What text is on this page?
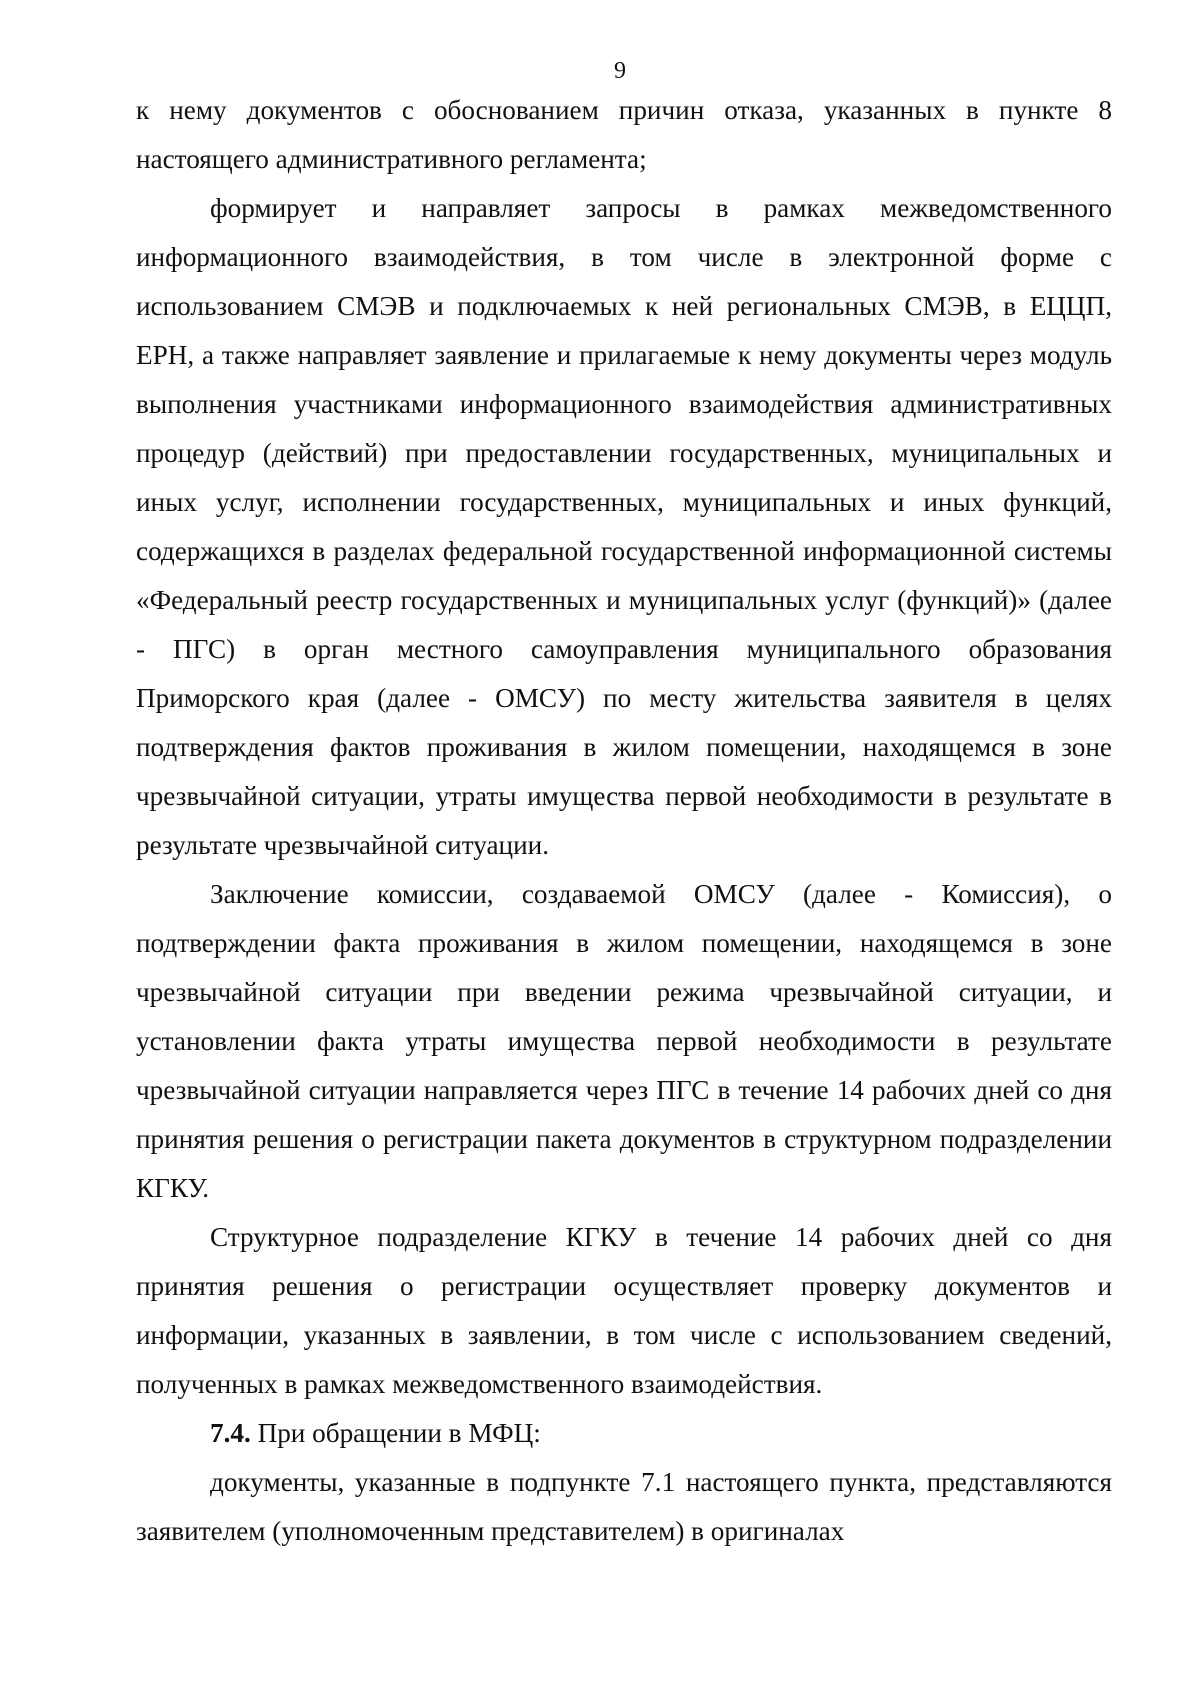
9

к нему документов с обоснованием причин отказа, указанных в пункте 8 настоящего административного регламента;

формирует и направляет запросы в рамках межведомственного информационного взаимодействия, в том числе в электронной форме с использованием СМЭВ и подключаемых к ней региональных СМЭВ, в ЕЦЦП, ЕРН, а также направляет заявление и прилагаемые к нему документы через модуль выполнения участниками информационного взаимодействия административных процедур (действий) при предоставлении государственных, муниципальных и иных услуг, исполнении государственных, муниципальных и иных функций, содержащихся в разделах федеральной государственной информационной системы «Федеральный реестр государственных и муниципальных услуг (функций)» (далее - ПГС) в орган местного самоуправления муниципального образования Приморского края (далее - ОМСУ) по месту жительства заявителя в целях подтверждения фактов проживания в жилом помещении, находящемся в зоне чрезвычайной ситуации, утраты имущества первой необходимости в результате в результате чрезвычайной ситуации.

Заключение комиссии, создаваемой ОМСУ (далее - Комиссия), о подтверждении факта проживания в жилом помещении, находящемся в зоне чрезвычайной ситуации при введении режима чрезвычайной ситуации, и установлении факта утраты имущества первой необходимости в результате чрезвычайной ситуации направляется через ПГС в течение 14 рабочих дней со дня принятия решения о регистрации пакета документов в структурном подразделении КГКУ.

Структурное подразделение КГКУ в течение 14 рабочих дней со дня принятия решения о регистрации осуществляет проверку документов и информации, указанных в заявлении, в том числе с использованием сведений, полученных в рамках межведомственного взаимодействия.

7.4. При обращении в МФЦ:

документы, указанные в подпункте 7.1 настоящего пункта, представляются заявителем (уполномоченным представителем) в оригиналах
